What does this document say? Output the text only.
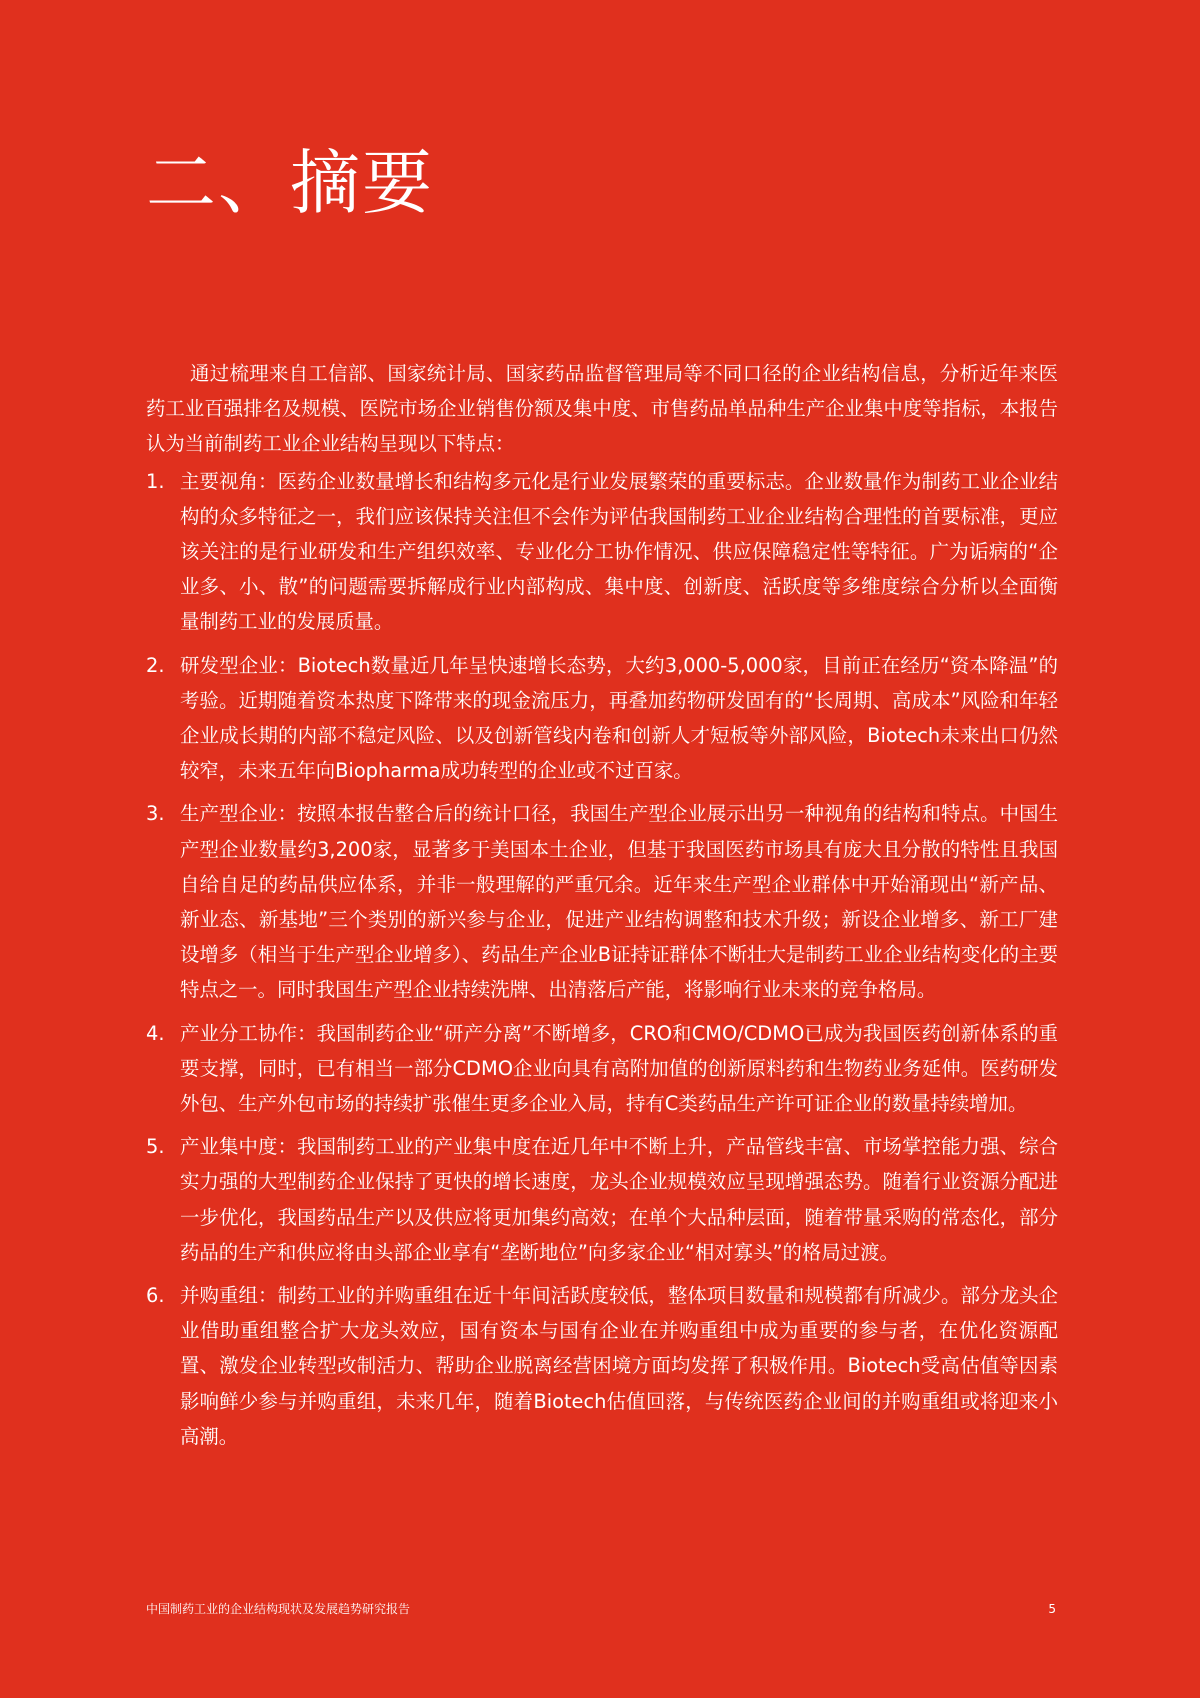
二、摘要

通过梳理来自工信部、国家统计局、国家药品监督管理局等不同口径的企业结构信息，分析近年来医药工业百强排名及规模、医院市场企业销售份额及集中度、市售药品单品种生产企业集中度等指标，本报告认为当前制药工业企业结构呈现以下特点：

1. 主要视角：医药企业数量增长和结构多元化是行业发展繁荣的重要标志。企业数量作为制药工业企业结构的众多特征之一，我们应该保持关注但不会作为评估我国制药工业企业结构合理性的首要标准，更应该关注的是行业研发和生产组织效率、专业化分工协作情况、供应保障稳定性等特征。广为诟病的“企业多、小、散”的问题需要拆解成行业内部构成、集中度、创新度、活跃度等多维度综合分析以全面衡量制药工业的发展质量。
2. 研发型企业：Biotech数量近几年呈快速增长态势，大约3,000-5,000家，目前正在经历“资本降温”的考验。近期随着资本热度下降带来的现金流压力，再叠加药物研发固有的“长周期、高成本”风险和年轻企业成长期的内部不稳定风险、以及创新管线内卷和创新人才短板等外部风险，Biotech未来出口仍然较窄，未来五年向Biopharma成功转型的企业或不过百家。
3. 生产型企业：按照本报告整合后的统计口径，我国生产型企业展示出另一种视角的结构和特点。中国生产型企业数量约3,200家，显著多于美国本土企业，但基于我国医药市场具有庞大且分散的特性且我国自给自足的药品供应体系，并非一般理解的严重冗余。近年来生产型企业群体中开始涌现出“新产品、新业态、新基地”三个类别的新兴参与企业，促进产业结构调整和技术升级；新设企业增多、新工厂建设增多（相当于生产型企业增多）、药品生产企业B证持证群体不断壮大是制药工业企业结构变化的主要特点之一。同时我国生产型企业持续洗牌、出清落后产能，将影响行业未来的竞争格局。
4. 产业分工协作：我国制药企业“研产分离”不断增多，CRO和CMO/CDMO已成为我国医药创新体系的重要支撑，同时，已有相当一部分CDMO企业向具有高附加值的创新原料药和生物药业务延伸。医药研发外包、生产外包市场的持续扩张催生更多企业入局，持有C类药品生产许可证企业的数量持续增加。
5. 产业集中度：我国制药工业的产业集中度在近几年中不断上升，产品管线丰富、市场掌控能力强、综合实力强的大型制药企业保持了更快的增长速度，龙头企业规模效应呈现增强态势。随着行业资源分配进一步优化，我国药品生产以及供应将更加集约高效；在单个大品种层面，随着带量采购的常态化，部分药品的生产和供应将由头部企业享有“垄断地位”向多家企业“相对寡头”的格局过渡。
6. 并购重组：制药工业的并购重组在近十年间活跃度较低，整体项目数量和规模都有所减少。部分龙头企业借助重组整合扩大龙头效应，国有资本与国有企业在并购重组中成为重要的参与者，在优化资源配置、激发企业转型改制活力、帮助企业脱离经营困境方面均发挥了积极作用。Biotech受高估值等因素影响鲜少参与并购重组，未来几年，随着Biotech估值回落，与传统医药企业间的并购重组或将迎来小高潮。
中国制药工业的企业结构现状及发展趋势研究报告	5
